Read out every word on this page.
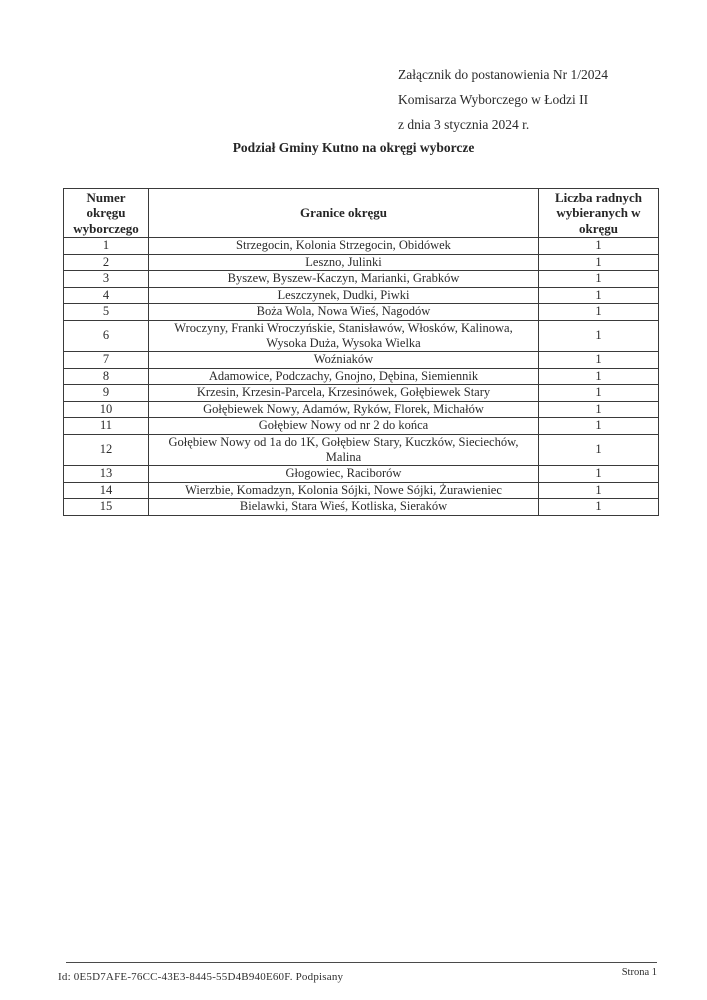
Załącznik do postanowienia Nr 1/2024
Komisarza Wyborczego w Łodzi II
z dnia 3 stycznia 2024 r.
Podział Gminy Kutno na okręgi wyborcze
Numer okręgu wyborczego	Granice okręgu	Liczba radnych wybieranych w okręgu
1	Strzegocin, Kolonia Strzegocin, Obidówek	1
2	Leszno, Julinki	1
3	Byszew, Byszew-Kaczyn, Marianki, Grabków	1
4	Leszczynek, Dudki, Piwki	1
5	Boża Wola, Nowa Wieś, Nagodów	1
6	Wroczyny, Franki Wroczyńskie, Stanisławów, Włosków, Kalinowa, Wysoka Duża, Wysoka Wielka	1
7	Woźniaków	1
8	Adamowice, Podczachy, Gnojno, Dębina, Siemiennik	1
9	Krzesin, Krzesin-Parcela, Krzesinówek, Gołębiewek Stary	1
10	Gołębiewek Nowy, Adamów, Ryków, Florek, Michałów	1
11	Gołębiew Nowy od nr 2 do końca	1
12	Gołębiew Nowy od 1a do 1K, Gołębiew Stary, Kuczków, Sieciechów, Malina	1
13	Głogowiec, Raciborów	1
14	Wierzbie, Komadzyn, Kolonia Sójki, Nowe Sójki, Żurawieniec	1
15	Bielawki, Stara Wieś, Kotliska, Sieraków	1
Id: 0E5D7AFE-76CC-43E3-8445-55D4B940E60F. Podpisany	Strona 1
